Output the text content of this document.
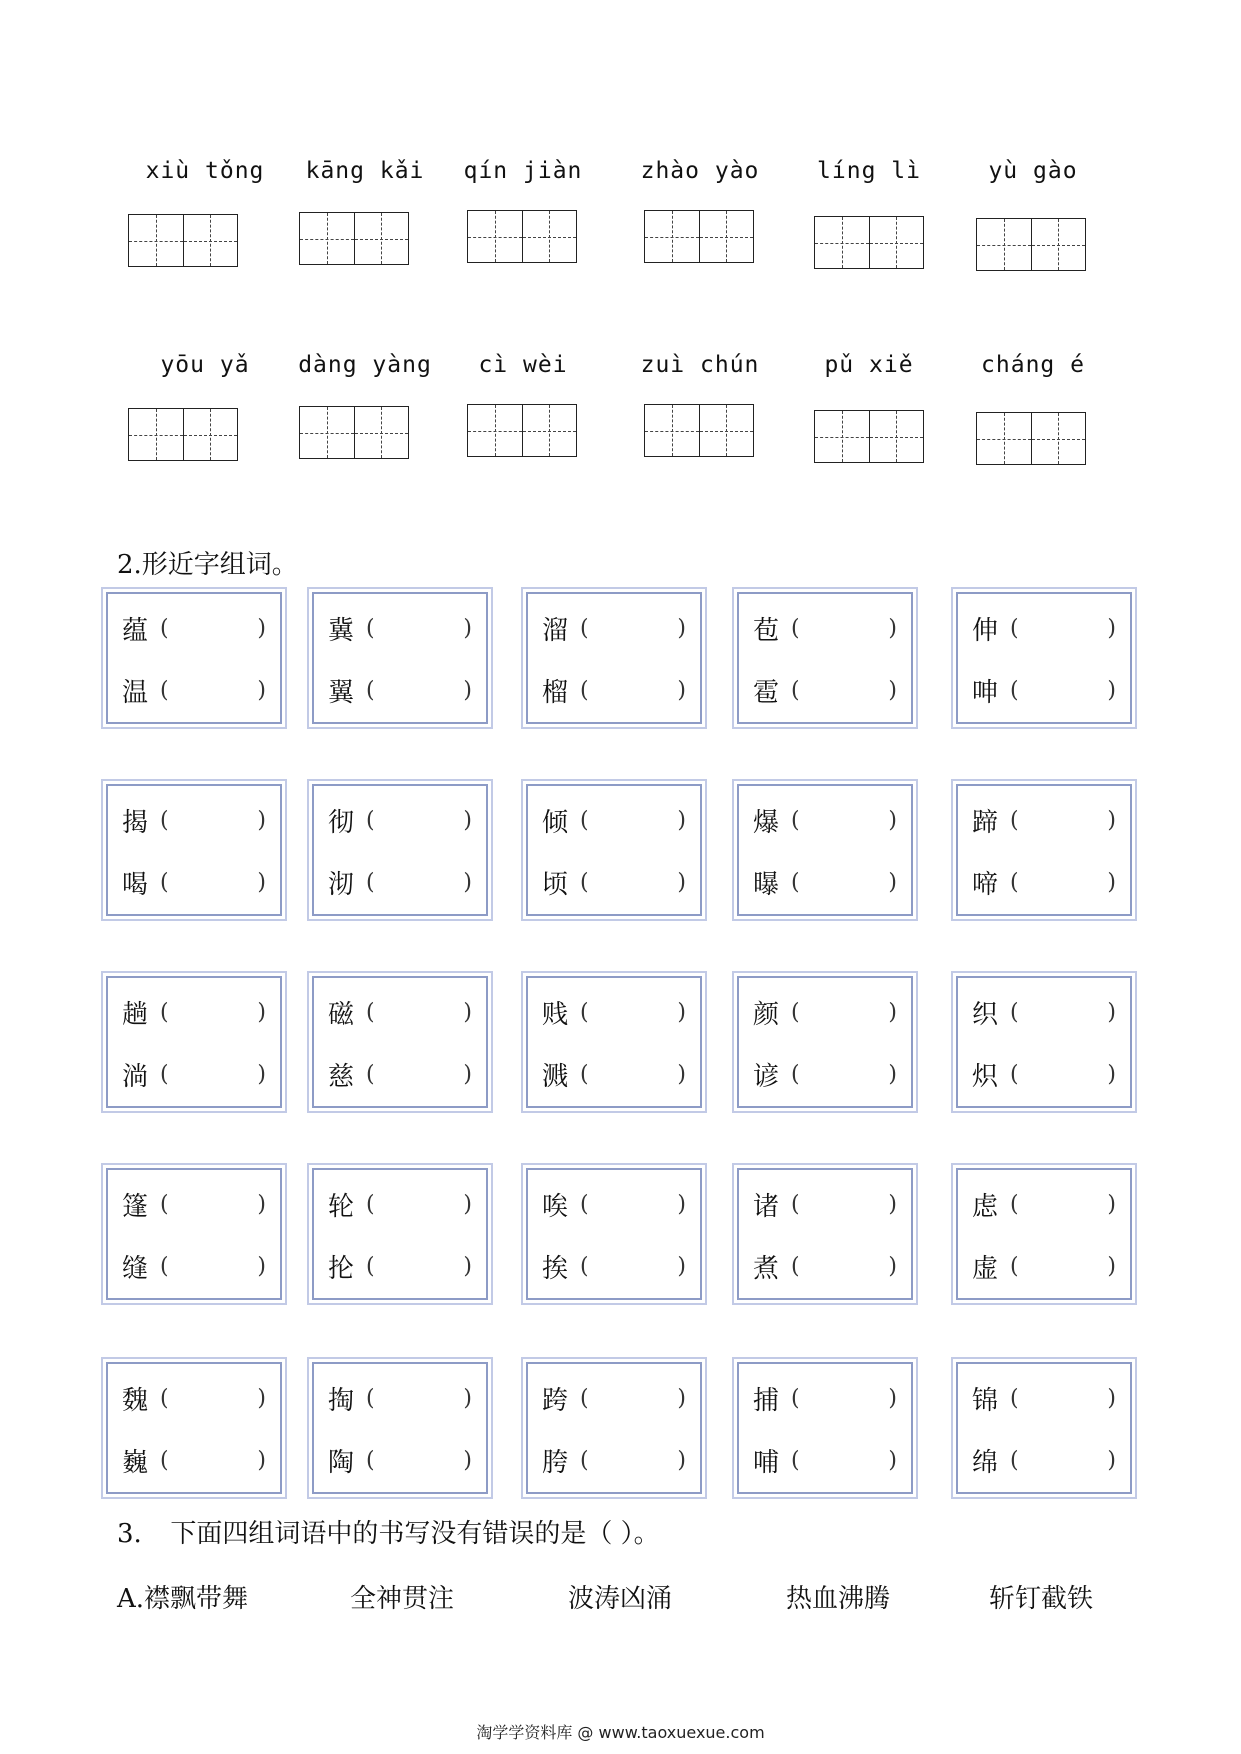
xiù tǒng	kāng kǎi	qín jiàn	zhào yào	líng lì	yù gào
yōu yǎ	dàng yàng	cì wèi	zuì chún	pǔ xiě	cháng é
2.形近字组词。
蕴 (	)
温 (	)
冀 (	)
翼 (	)
溜 (	)
榴 (	)
苞 (	)
雹 (	)
伸 (	)
呻 (	)
揭 (	)
喝 (	)
彻 (	)
沏 (	)
倾 (	)
顷 (	)
爆 (	)
曝 (	)
蹄 (	)
啼 (	)
趟 (	)
淌 (	)
磁 (	)
慈 (	)
贱 (	)
溅 (	)
颜 (	)
谚 (	)
织 (	)
炽 (	)
篷 (	)
缝 (	)
轮 (	)
抡 (	)
唉 (	)
挨 (	)
诸 (	)
煮 (	)
虑 (	)
虚 (	)
魏 (	)
巍 (	)
掏 (	)
陶 (	)
跨 (	)
胯 (	)
捕 (	)
哺 (	)
锦 (	)
绵 (	)
3. 下面四组词语中的书写没有错误的是（ ）。
A.襟飘带舞	全神贯注	波涛凶涌	热血沸腾	斩钉截铁
淘学学资料库 @ www.taoxuexue.com
